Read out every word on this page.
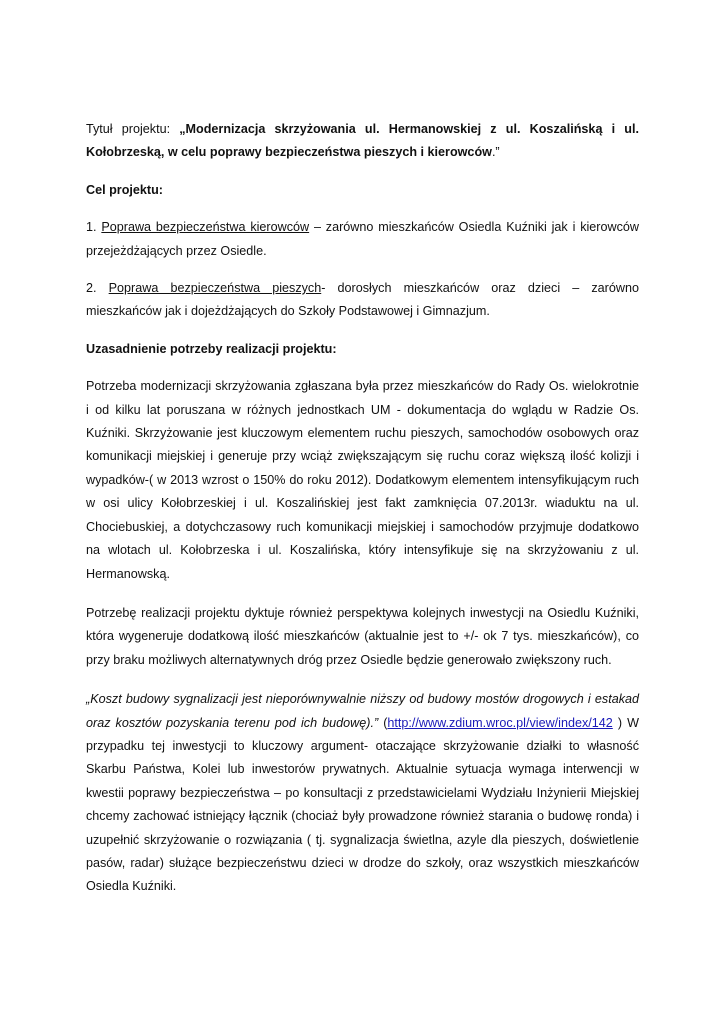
Tytuł projektu: „Modernizacja skrzyżowania ul. Hermanowskiej z ul. Koszalińską i ul. Kołobrzeską, w celu poprawy bezpieczeństwa pieszych i kierowców.”

Cel projektu:

1. Poprawa bezpieczeństwa kierowców – zarówno mieszkańców Osiedla Kuźniki jak i kierowców przejeżdżających przez Osiedle.

2. Poprawa bezpieczeństwa pieszych- dorosłych mieszkańców oraz dzieci – zarówno mieszkańców jak i dojeżdżających do Szkoły Podstawowej i Gimnazjum.

Uzasadnienie potrzeby realizacji projektu:

Potrzeba modernizacji skrzyżowania zgłaszana była przez mieszkańców do Rady Os. wielokrotnie i od kilku lat poruszana w różnych jednostkach UM - dokumentacja do wglądu w Radzie Os. Kuźniki. Skrzyżowanie jest kluczowym elementem ruchu pieszych, samochodów osobowych oraz komunikacji miejskiej i generuje przy wciąż zwiększającym się ruchu coraz większą ilość kolizji i wypadków-( w 2013 wzrost o 150% do roku 2012). Dodatkowym elementem intensyfikującym ruch w osi ulicy Kołobrzeskiej i ul. Koszalińskiej jest fakt zamknięcia 07.2013r. wiaduktu na ul. Chociebuskiej, a dotychczasowy ruch komunikacji miejskiej i samochodów przyjmuje dodatkowo na wlotach ul. Kołobrzeska i ul. Koszalińska, który intensyfikuje się na skrzyżowaniu z ul. Hermanowską.

Potrzebę realizacji projektu dyktuje również perspektywa kolejnych inwestycji na Osiedlu Kuźniki, która wygeneruje dodatkową ilość mieszkańców (aktualnie jest to +/- ok 7 tys. mieszkańców), co przy braku możliwych alternatywnych dróg przez Osiedle będzie generowało zwiększony ruch.

„Koszt budowy sygnalizacji jest nieporównywalnie niższy od budowy mostów drogowych i estakad oraz kosztów pozyskania terenu pod ich budowę).” (http://www.zdium.wroc.pl/view/index/142 ) W przypadku tej inwestycji to kluczowy argument- otaczające skrzyżowanie działki to własność Skarbu Państwa, Kolei lub inwestorów prywatnych. Aktualnie sytuacja wymaga interwencji w kwestii poprawy bezpieczeństwa – po konsultacji z przedstawicielami Wydziału Inżynierii Miejskiej chcemy zachować istniejący łącznik (chociaż były prowadzone również starania o budowę ronda) i uzupełnić skrzyżowanie o rozwiązania ( tj. sygnalizacja świetlna, azyle dla pieszych, doświetlenie pasów, radar) służące bezpieczeństwu dzieci w drodze do szkoły, oraz wszystkich mieszkańców Osiedla Kuźniki.
